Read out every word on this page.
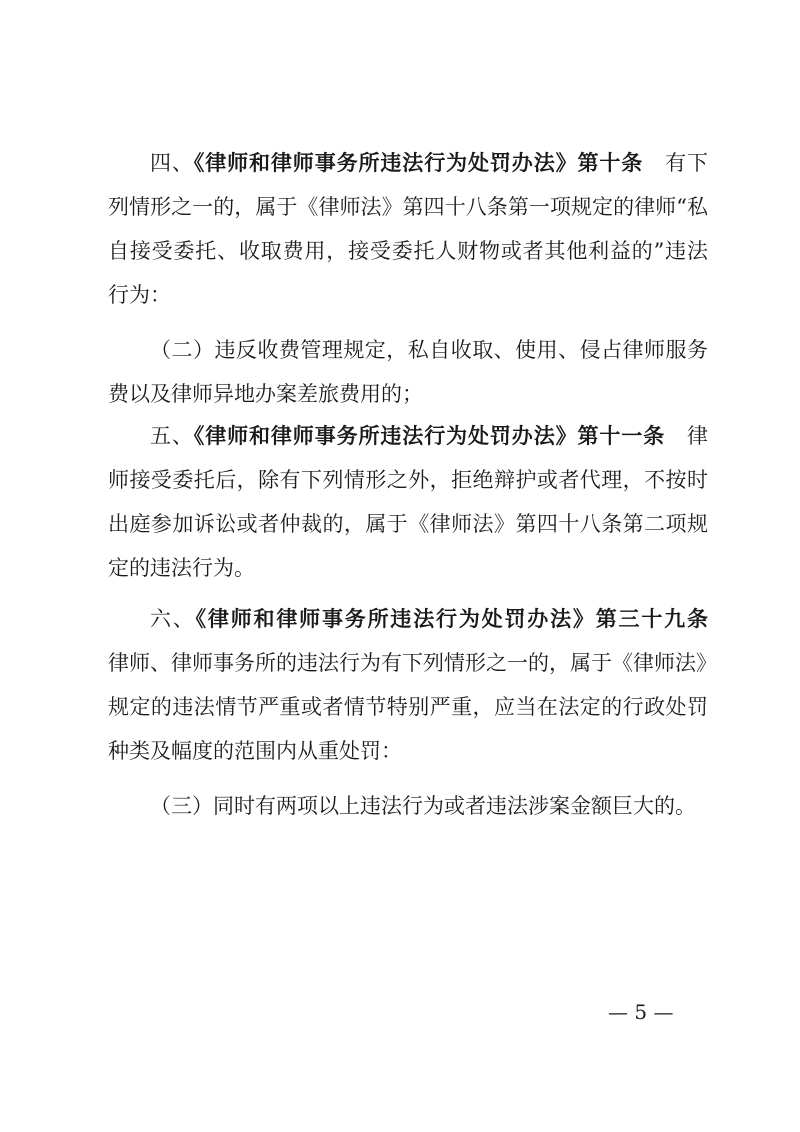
四、《律师和律师事务所违法行为处罚办法》第十条　有下
列情形之一的，属于《律师法》第四十八条第一项规定的律师“私
自接受委托、收取费用，接受委托人财物或者其他利益的”违法
行为：
（二）违反收费管理规定，私自收取、使用、侵占律师服务
费以及律师异地办案差旅费用的；
五、《律师和律师事务所违法行为处罚办法》第十一条　律
师接受委托后，除有下列情形之外，拒绝辩护或者代理，不按时
出庭参加诉讼或者仲裁的，属于《律师法》第四十八条第二项规
定的违法行为。
六、《律师和律师事务所违法行为处罚办法》第三十九条
律师、律师事务所的违法行为有下列情形之一的，属于《律师法》
规定的违法情节严重或者情节特别严重，应当在法定的行政处罚
种类及幅度的范围内从重处罚：
（三）同时有两项以上违法行为或者违法涉案金额巨大的。
— 5 —
